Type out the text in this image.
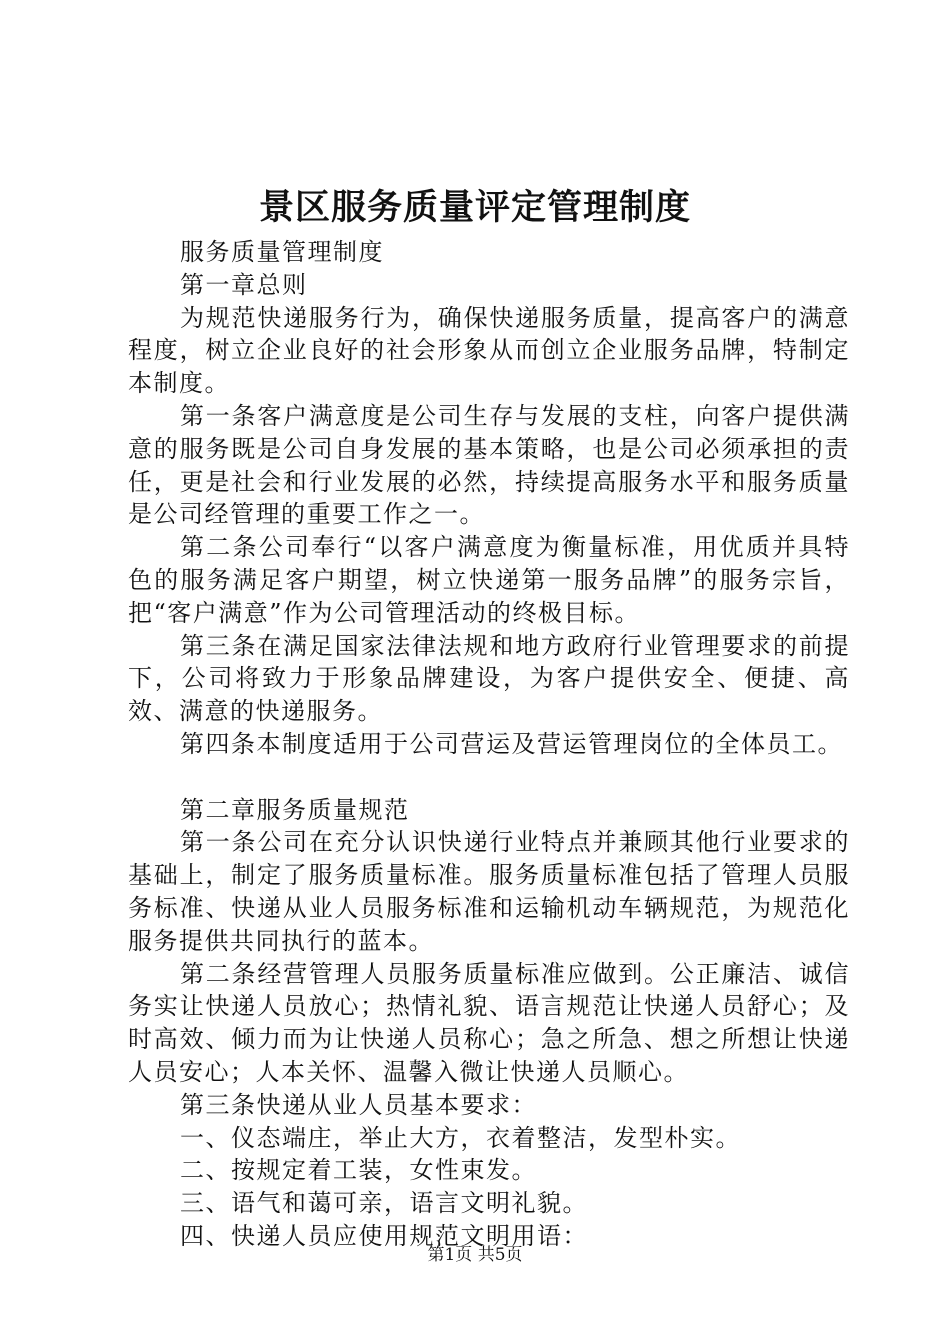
景区服务质量评定管理制度

服务质量管理制度

第一章总则

为规范快递服务行为，确保快递服务质量，提高客户的满意程度，树立企业良好的社会形象从而创立企业服务品牌，特制定本制度。

第一条客户满意度是公司生存与发展的支柱，向客户提供满意的服务既是公司自身发展的基本策略，也是公司必须承担的责任，更是社会和行业发展的必然，持续提高服务水平和服务质量是公司经管理的重要工作之一。

第二条公司奉行“以客户满意度为衡量标准，用优质并具特色的服务满足客户期望，树立快递第一服务品牌”的服务宗旨，把“客户满意”作为公司管理活动的终极目标。

第三条在满足国家法律法规和地方政府行业管理要求的前提下，公司将致力于形象品牌建设，为客户提供安全、便捷、高效、满意的快递服务。

第四条本制度适用于公司营运及营运管理岗位的全体员工。

第二章服务质量规范

第一条公司在充分认识快递行业特点并兼顾其他行业要求的基础上，制定了服务质量标准。服务质量标准包括了管理人员服务标准、快递从业人员服务标准和运输机动车辆规范，为规范化服务提供共同执行的蓝本。

第二条经营管理人员服务质量标准应做到。公正廉洁、诚信务实让快递人员放心；热情礼貌、语言规范让快递人员舒心；及时高效、倾力而为让快递人员称心；急之所急、想之所想让快递人员安心；人本关怀、温馨入微让快递人员顺心。

第三条快递从业人员基本要求：

一、仪态端庄，举止大方，衣着整洁，发型朴实。

二、按规定着工装，女性束发。

三、语气和蔼可亲，语言文明礼貌。

四、快递人员应使用规范文明用语：

第1页 共5页
